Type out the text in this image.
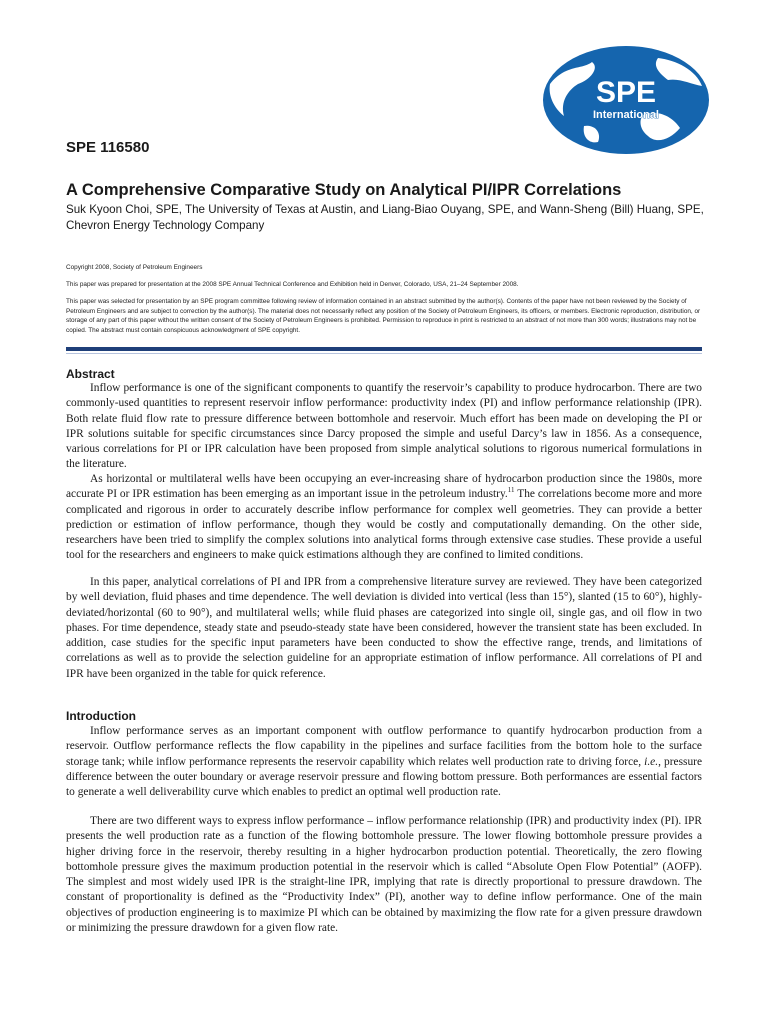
SPE
International
SPE 116580
A Comprehensive Comparative Study on Analytical PI/IPR Correlations

Suk Kyoon Choi, SPE, The University of Texas at Austin, and Liang-Biao Ouyang, SPE, and Wann-Sheng (Bill) Huang, SPE, Chevron Energy Technology Company

Copyright 2008, Society of Petroleum Engineers

This paper was prepared for presentation at the 2008 SPE Annual Technical Conference and Exhibition held in Denver, Colorado, USA, 21–24 September 2008.

This paper was selected for presentation by an SPE program committee following review of information contained in an abstract submitted by the author(s). Contents of the paper have not been reviewed by the Society of Petroleum Engineers and are subject to correction by the author(s). The material does not necessarily reflect any position of the Society of Petroleum Engineers, its officers, or members. Electronic reproduction, distribution, or storage of any part of this paper without the written consent of the Society of Petroleum Engineers is prohibited. Permission to reproduce in print is restricted to an abstract of not more than 300 words; illustrations may not be copied. The abstract must contain conspicuous acknowledgment of SPE copyright.

Abstract

Inflow performance is one of the significant components to quantify the reservoir’s capability to produce hydrocarbon. There are two commonly-used quantities to represent reservoir inflow performance: productivity index (PI) and inflow performance relationship (IPR). Both relate fluid flow rate to pressure difference between bottomhole and reservoir. Much effort has been made on developing the PI or IPR solutions suitable for specific circumstances since Darcy proposed the simple and useful Darcy’s law in 1856. As a consequence, various correlations for PI or IPR calculation have been proposed from simple analytical solutions to rigorous numerical formulations in the literature.

As horizontal or multilateral wells have been occupying an ever-increasing share of hydrocarbon production since the 1980s, more accurate PI or IPR estimation has been emerging as an important issue in the petroleum industry.$^{11}$ The correlations become more and more complicated and rigorous in order to accurately describe inflow performance for complex well geometries. They can provide a better prediction or estimation of inflow performance, though they would be costly and computationally demanding. On the other side, researchers have been tried to simplify the complex solutions into analytical forms through extensive case studies. These provide a useful tool for the researchers and engineers to make quick estimations although they are confined to limited conditions.

In this paper, analytical correlations of PI and IPR from a comprehensive literature survey are reviewed. They have been categorized by well deviation, fluid phases and time dependence. The well deviation is divided into vertical (less than 15°), slanted (15 to 60°), highly-deviated/horizontal (60 to 90°), and multilateral wells; while fluid phases are categorized into single oil, single gas, and oil flow in two phases. For time dependence, steady state and pseudo-steady state have been considered, however the transient state has been excluded. In addition, case studies for the specific input parameters have been conducted to show the effective range, trends, and limitations of correlations as well as to provide the selection guideline for an appropriate estimation of inflow performance. All correlations of PI and IPR have been organized in the table for quick reference.

Introduction

Inflow performance serves as an important component with outflow performance to quantify hydrocarbon production from a reservoir. Outflow performance reflects the flow capability in the pipelines and surface facilities from the bottom hole to the surface storage tank; while inflow performance represents the reservoir capability which relates well production rate to driving force, i.e., pressure difference between the outer boundary or average reservoir pressure and flowing bottom pressure. Both performances are essential factors to generate a well deliverability curve which enables to predict an optimal well production rate.

There are two different ways to express inflow performance – inflow performance relationship (IPR) and productivity index (PI). IPR presents the well production rate as a function of the flowing bottomhole pressure. The lower flowing bottomhole pressure provides a higher driving force in the reservoir, thereby resulting in a higher hydrocarbon production potential. Theoretically, the zero flowing bottomhole pressure gives the maximum production potential in the reservoir which is called “Absolute Open Flow Potential” (AOFP). The simplest and most widely used IPR is the straight-line IPR, implying that rate is directly proportional to pressure drawdown. The constant of proportionality is defined as the “Productivity Index” (PI), another way to define inflow performance. One of the main objectives of production engineering is to maximize PI which can be obtained by maximizing the flow rate for a given pressure drawdown or minimizing the pressure drawdown for a given flow rate.
